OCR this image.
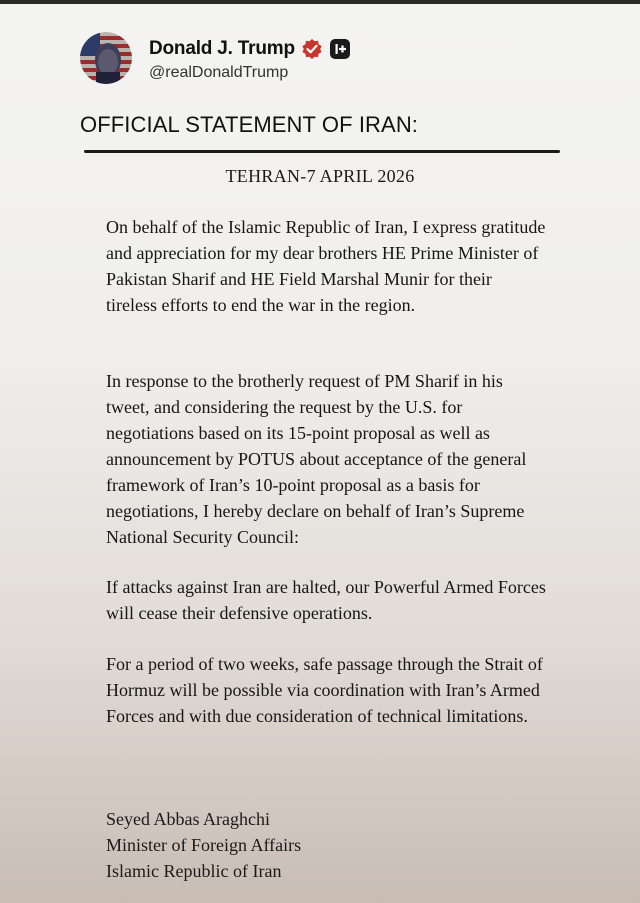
Donald J. Trump
@realDonaldTrump
OFFICIAL STATEMENT OF IRAN:
TEHRAN-7 APRIL 2026

On behalf of the Islamic Republic of Iran, I express gratitude and appreciation for my dear brothers HE Prime Minister of Pakistan Sharif and HE Field Marshal Munir for their tireless efforts to end the war in the region.

In response to the brotherly request of PM Sharif in his tweet, and considering the request by the U.S. for negotiations based on its 15-point proposal as well as announcement by POTUS about acceptance of the general framework of Iran’s 10-point proposal as a basis for negotiations, I hereby declare on behalf of Iran’s Supreme National Security Council:

If attacks against Iran are halted, our Powerful Armed Forces will cease their defensive operations.

For a period of two weeks, safe passage through the Strait of Hormuz will be possible via coordination with Iran’s Armed Forces and with due consideration of technical limitations.

Seyed Abbas Araghchi
Minister of Foreign Affairs
Islamic Republic of Iran
